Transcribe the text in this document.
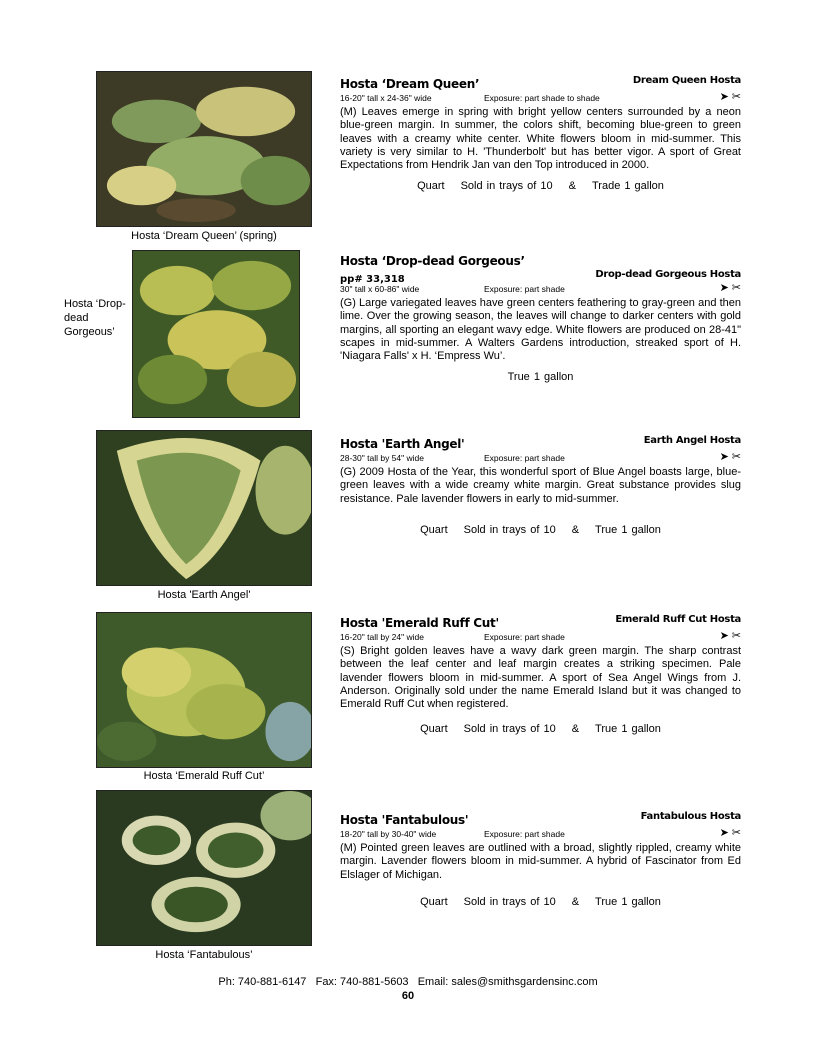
Hosta ‘Dream Queen’ (spring)
Hosta ‘Drop-dead Gorgeous’
Hosta 'Earth Angel'
Hosta ‘Emerald Ruff Cut’
Hosta ‘Fantabulous’
Hosta ‘Dream Queen’	Dream Queen Hosta
16-20" tall x 24-36" wide	Exposure: part shade to shade	➤ ✂

(M) Leaves emerge in spring with bright yellow centers surrounded by a neon blue-green margin. In summer, the colors shift, becoming blue-green to green leaves with a creamy white center. White flowers bloom in mid-summer. This variety is very similar to H. 'Thunderbolt' but has better vigor. A sport of Great Expectations from Hendrik Jan van den Top introduced in 2000.

Quart Sold in trays of 10 & Trade 1 gallon
Hosta ‘Drop-dead Gorgeous’
pp# 33,318	Drop-dead Gorgeous Hosta
30" tall x 60-86" wide	Exposure: part shade	➤ ✂

(G) Large variegated leaves have green centers feathering to gray-green and then lime. Over the growing season, the leaves will change to darker centers with gold margins, all sporting an elegant wavy edge. White flowers are produced on 28-41" scapes in mid-summer. A Walters Gardens introduction, streaked sport of H. 'Niagara Falls' x H. ‘Empress Wu’.

True 1 gallon
Hosta 'Earth Angel'	Earth Angel Hosta
28-30" tall by 54" wide	Exposure: part shade	➤ ✂

(G) 2009 Hosta of the Year, this wonderful sport of Blue Angel boasts large, blue-green leaves with a wide creamy white margin. Great substance provides slug resistance. Pale lavender flowers in early to mid-summer.

Quart Sold in trays of 10 & True 1 gallon
Hosta 'Emerald Ruff Cut'	Emerald Ruff Cut Hosta
16-20" tall by 24" wide	Exposure: part shade	➤ ✂

(S) Bright golden leaves have a wavy dark green margin. The sharp contrast between the leaf center and leaf margin creates a striking specimen. Pale lavender flowers bloom in mid-summer. A sport of Sea Angel Wings from J. Anderson. Originally sold under the name Emerald Island but it was changed to Emerald Ruff Cut when registered.

Quart Sold in trays of 10 & True 1 gallon
Hosta 'Fantabulous'	Fantabulous Hosta
18-20" tall by 30-40" wide	Exposure: part shade	➤ ✂

(M) Pointed green leaves are outlined with a broad, slightly rippled, creamy white margin. Lavender flowers bloom in mid-summer. A hybrid of Fascinator from Ed Elslager of Michigan.

Quart Sold in trays of 10 & True 1 gallon
Ph: 740-881-6147   Fax: 740-881-5603   Email: sales@smithsgardensinc.com
60
